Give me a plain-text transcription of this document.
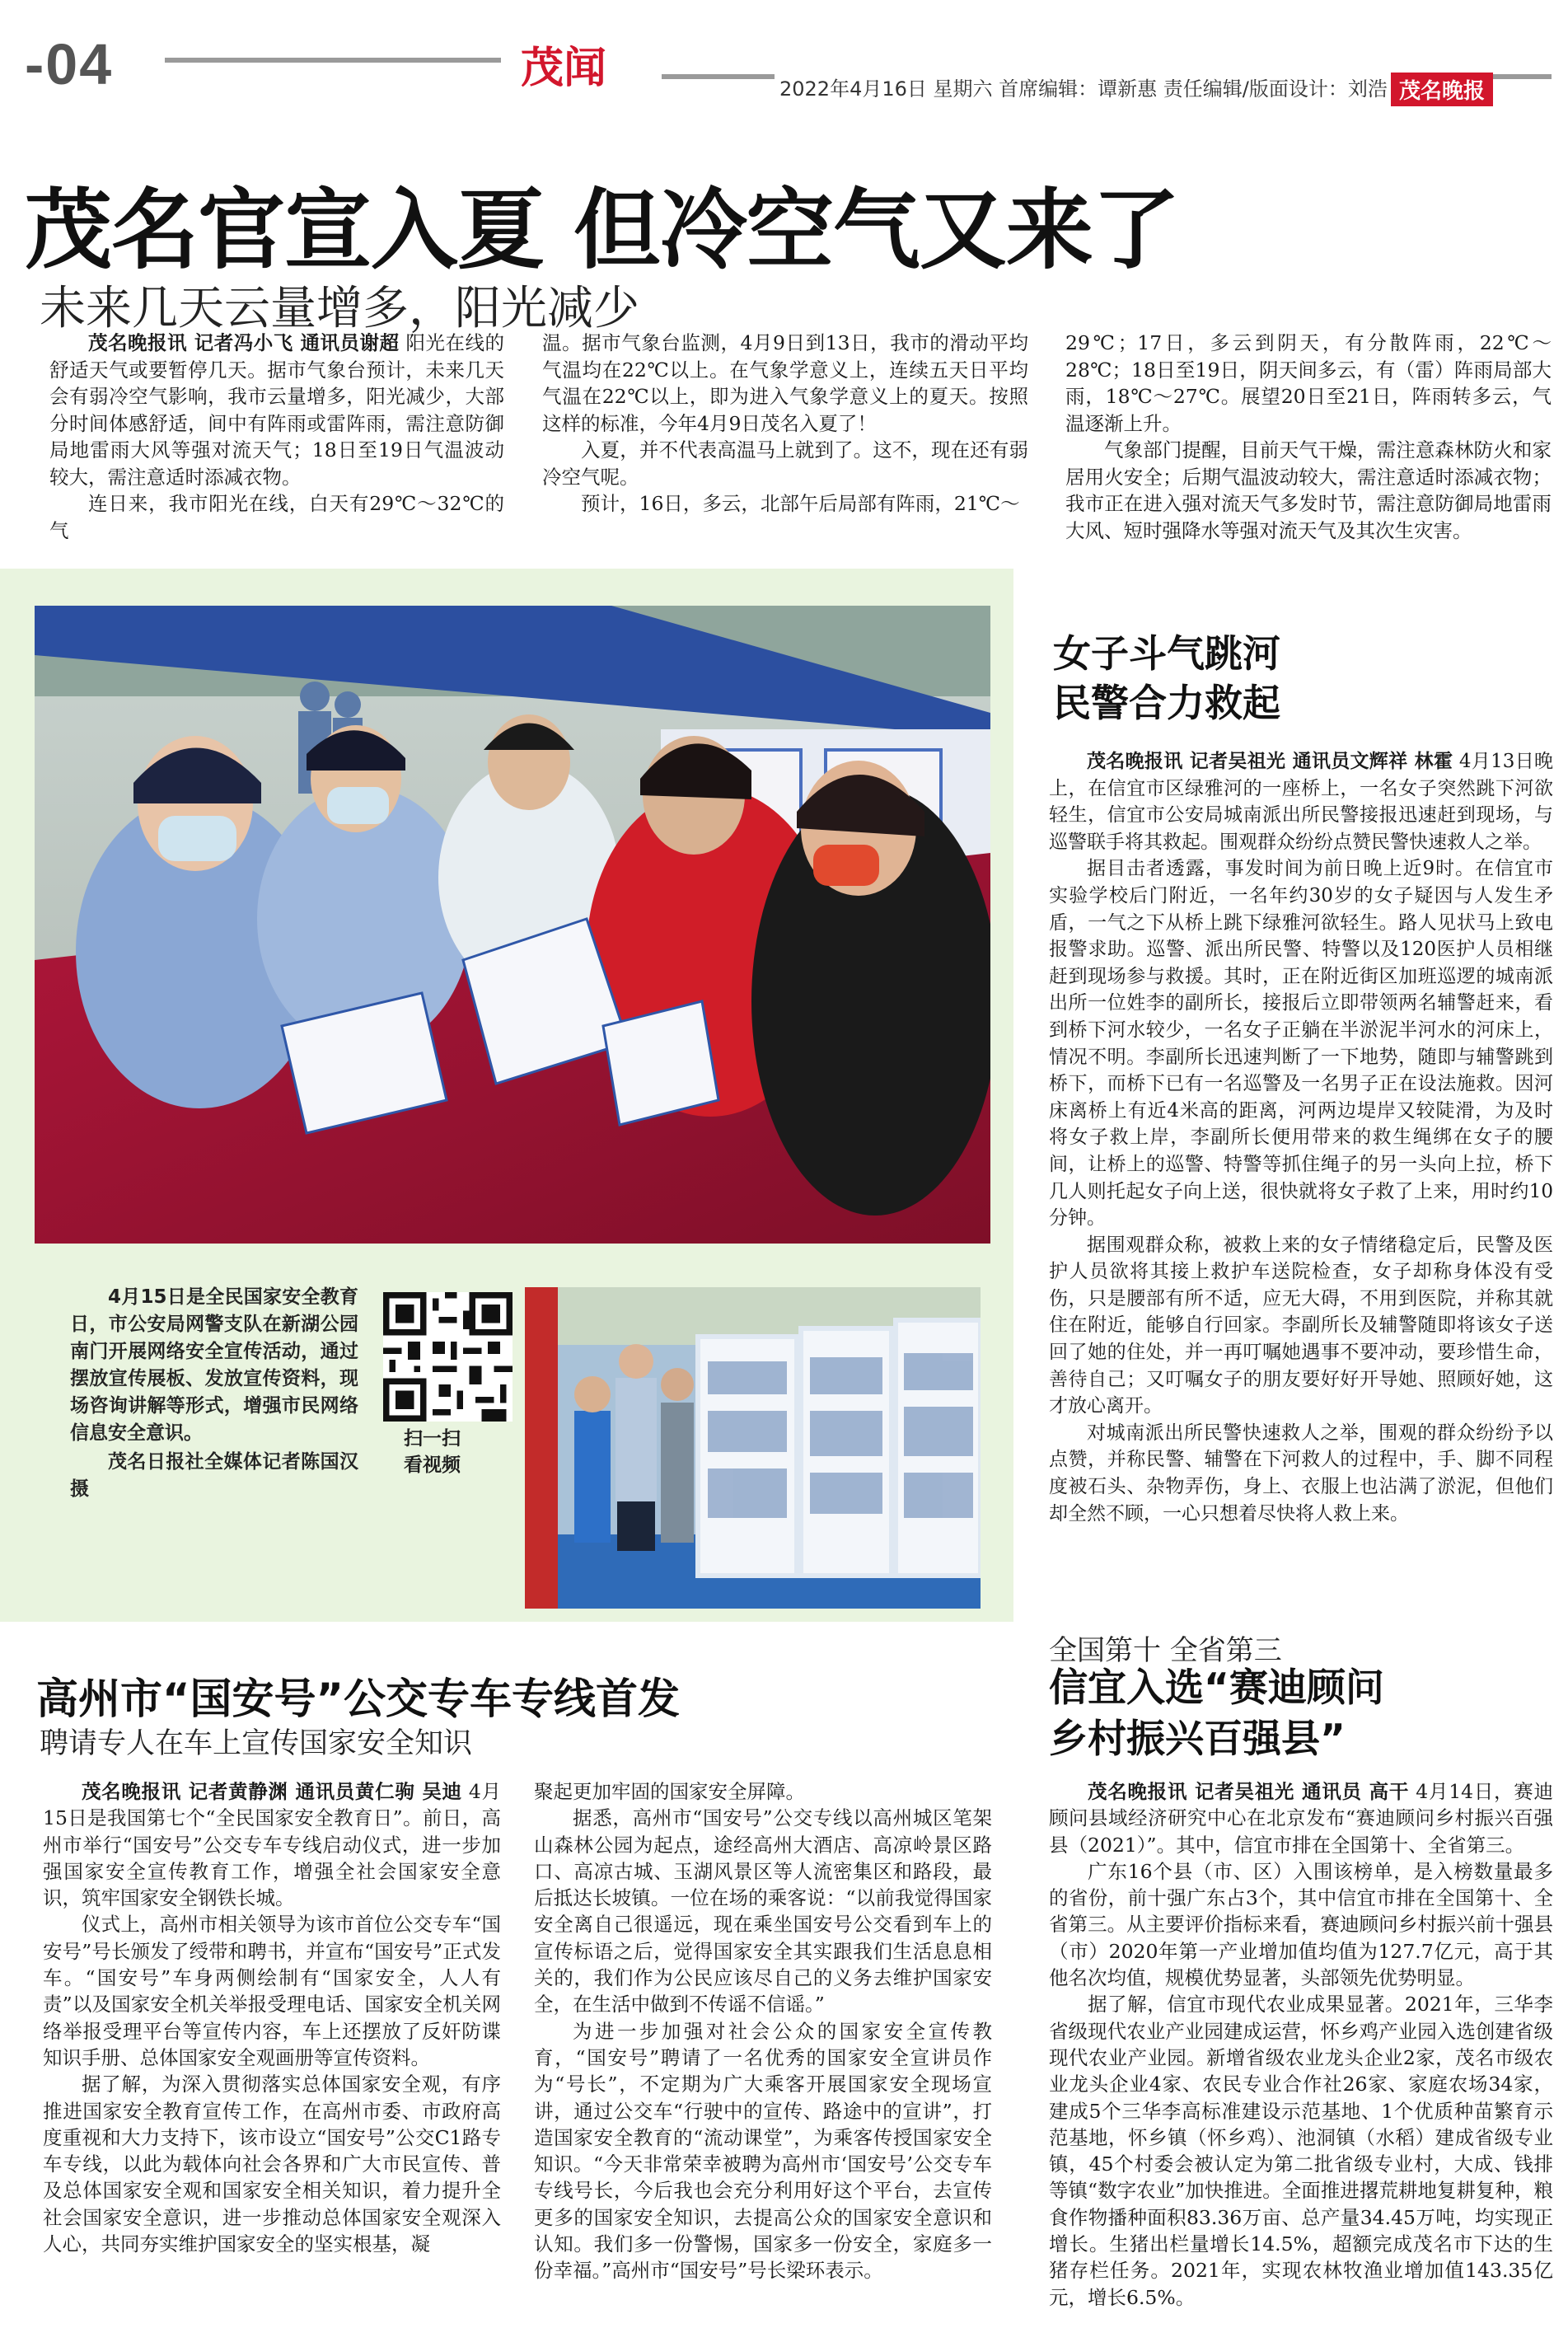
-04	茂闻	2022年4月16日 星期六 首席编辑：谭新惠 责任编辑/版面设计：刘浩 茂名晚报
茂名官宣入夏 但冷空气又来了
未来几天云量增多，阳光减少

茂名晚报讯 记者冯小飞 通讯员谢超 阳光在线的舒适天气或要暂停几天。据市气象台预计，未来几天会有弱冷空气影响，我市云量增多，阳光减少，大部分时间体感舒适，间中有阵雨或雷阵雨，需注意防御局地雷雨大风等强对流天气；18日至19日气温波动较大，需注意适时添减衣物。

连日来，我市阳光在线，白天有29℃～32℃的气

温。据市气象台监测，4月9日到13日，我市的滑动平均气温均在22℃以上。在气象学意义上，连续五天日平均气温在22℃以上，即为进入气象学意义上的夏天。按照这样的标准，今年4月9日茂名入夏了！

入夏，并不代表高温马上就到了。这不，现在还有弱冷空气呢。

预计，16日，多云，北部午后局部有阵雨，21℃～

29℃；17日，多云到阴天，有分散阵雨，22℃～28℃；18日至19日，阴天间多云，有（雷）阵雨局部大雨，18℃～27℃。展望20日至21日，阵雨转多云，气温逐渐上升。

气象部门提醒，目前天气干燥，需注意森林防火和家居用火安全；后期气温波动较大，需注意适时添减衣物；我市正在进入强对流天气多发时节，需注意防御局地雷雨大风、短时强降水等强对流天气及其次生灾害。

4月15日是全民国家安全教育日，市公安局网警支队在新湖公园南门开展网络安全宣传活动，通过摆放宣传展板、发放宣传资料，现场咨询讲解等形式，增强市民网络信息安全意识。

茂名日报社全媒体记者陈国汉摄

扫一扫
看视频
女子斗气跳河
民警合力救起

茂名晚报讯 记者吴祖光 通讯员文辉祥 林霍 4月13日晚上，在信宜市区绿雅河的一座桥上，一名女子突然跳下河欲轻生，信宜市公安局城南派出所民警接报迅速赶到现场，与巡警联手将其救起。围观群众纷纷点赞民警快速救人之举。

据目击者透露，事发时间为前日晚上近9时。在信宜市实验学校后门附近，一名年约30岁的女子疑因与人发生矛盾，一气之下从桥上跳下绿雅河欲轻生。路人见状马上致电报警求助。巡警、派出所民警、特警以及120医护人员相继赶到现场参与救援。其时，正在附近街区加班巡逻的城南派出所一位姓李的副所长，接报后立即带领两名辅警赶来，看到桥下河水较少，一名女子正躺在半淤泥半河水的河床上，情况不明。李副所长迅速判断了一下地势，随即与辅警跳到桥下，而桥下已有一名巡警及一名男子正在设法施救。因河床离桥上有近4米高的距离，河两边堤岸又较陡滑，为及时将女子救上岸，李副所长便用带来的救生绳绑在女子的腰间，让桥上的巡警、特警等抓住绳子的另一头向上拉，桥下几人则托起女子向上送，很快就将女子救了上来，用时约10分钟。

据围观群众称，被救上来的女子情绪稳定后，民警及医护人员欲将其接上救护车送院检查，女子却称身体没有受伤，只是腰部有所不适，应无大碍，不用到医院，并称其就住在附近，能够自行回家。李副所长及辅警随即将该女子送回了她的住处，并一再叮嘱她遇事不要冲动，要珍惜生命，善待自己；又叮嘱女子的朋友要好好开导她、照顾好她，这才放心离开。

对城南派出所民警快速救人之举，围观的群众纷纷予以点赞，并称民警、辅警在下河救人的过程中，手、脚不同程度被石头、杂物弄伤，身上、衣服上也沾满了淤泥，但他们却全然不顾，一心只想着尽快将人救上来。

高州市“国安号”公交专车专线首发
聘请专人在车上宣传国家安全知识

茂名晚报讯 记者黄静渊 通讯员黄仁驹 吴迪 4月15日是我国第七个“全民国家安全教育日”。前日，高州市举行“国安号”公交专车专线启动仪式，进一步加强国家安全宣传教育工作，增强全社会国家安全意识，筑牢国家安全钢铁长城。

仪式上，高州市相关领导为该市首位公交专车“国安号”号长颁发了绶带和聘书，并宣布“国安号”正式发车。“国安号”车身两侧绘制有“国家安全，人人有责”以及国家安全机关举报受理电话、国家安全机关网络举报受理平台等宣传内容，车上还摆放了反奸防谍知识手册、总体国家安全观画册等宣传资料。

据了解，为深入贯彻落实总体国家安全观，有序推进国家安全教育宣传工作，在高州市委、市政府高度重视和大力支持下，该市设立“国安号”公交C1路专车专线，以此为载体向社会各界和广大市民宣传、普及总体国家安全观和国家安全相关知识，着力提升全社会国家安全意识，进一步推动总体国家安全观深入人心，共同夯实维护国家安全的坚实根基，凝

聚起更加牢固的国家安全屏障。

据悉，高州市“国安号”公交专线以高州城区笔架山森林公园为起点，途经高州大酒店、高凉岭景区路口、高凉古城、玉湖风景区等人流密集区和路段，最后抵达长坡镇。一位在场的乘客说：“以前我觉得国家安全离自己很遥远，现在乘坐国安号公交看到车上的宣传标语之后，觉得国家安全其实跟我们生活息息相关的，我们作为公民应该尽自己的义务去维护国家安全，在生活中做到不传谣不信谣。”

为进一步加强对社会公众的国家安全宣传教育，“国安号”聘请了一名优秀的国家安全宣讲员作为“号长”，不定期为广大乘客开展国家安全现场宣讲，通过公交车“行驶中的宣传、路途中的宣讲”，打造国家安全教育的“流动课堂”，为乘客传授国家安全知识。“今天非常荣幸被聘为高州市‘国安号’公交专车专线号长，今后我也会充分利用好这个平台，去宣传更多的国家安全知识，去提高公众的国家安全意识和认知。我们多一份警惕，国家多一份安全，家庭多一份幸福。”高州市“国安号”号长梁环表示。

全国第十 全省第三
信宜入选“赛迪顾问
乡村振兴百强县”

茂名晚报讯 记者吴祖光 通讯员 高干 4月14日，赛迪顾问县域经济研究中心在北京发布“赛迪顾问乡村振兴百强县（2021）”。其中，信宜市排在全国第十、全省第三。

广东16个县（市、区）入围该榜单，是入榜数量最多的省份，前十强广东占3个，其中信宜市排在全国第十、全省第三。从主要评价指标来看，赛迪顾问乡村振兴前十强县（市）2020年第一产业增加值均值为127.7亿元，高于其他名次均值，规模优势显著，头部领先优势明显。

据了解，信宜市现代农业成果显著。2021年，三华李省级现代农业产业园建成运营，怀乡鸡产业园入选创建省级现代农业产业园。新增省级农业龙头企业2家，茂名市级农业龙头企业4家、农民专业合作社26家、家庭农场34家，建成5个三华李高标准建设示范基地、1个优质种苗繁育示范基地，怀乡镇（怀乡鸡）、池洞镇（水稻）建成省级专业镇，45个村委会被认定为第二批省级专业村，大成、钱排等镇“数字农业”加快推进。全面推进撂荒耕地复耕复种，粮食作物播种面积83.36万亩、总产量34.45万吨，均实现正增长。生猪出栏量增长14.5%，超额完成茂名市下达的生猪存栏任务。2021年，实现农林牧渔业增加值143.35亿元，增长6.5%。
